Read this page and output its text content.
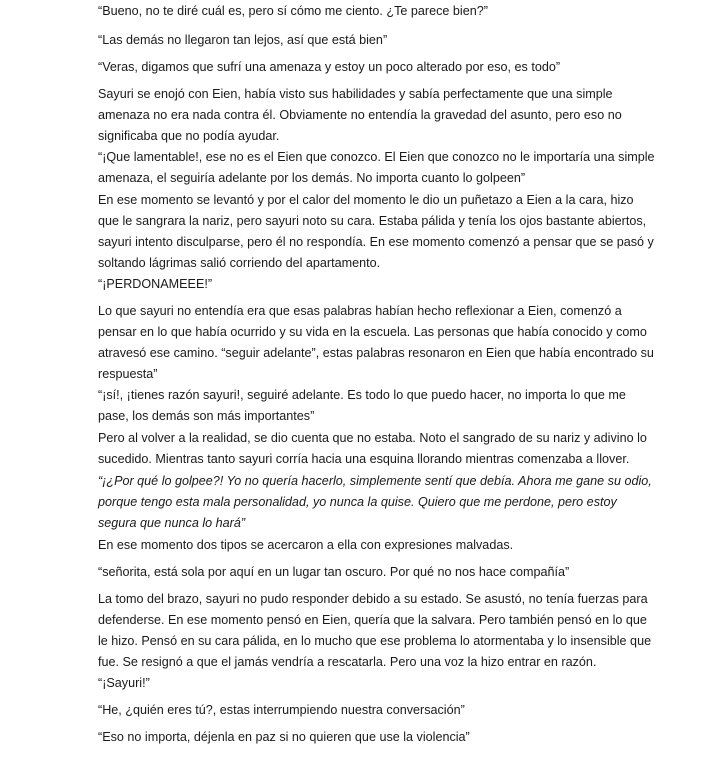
“Bueno, no te diré cuál es, pero sí cómo me ciento. ¿Te parece bien?”

“Las demás no llegaron tan lejos, así que está bien”

“Veras, digamos que sufrí una amenaza y estoy un poco alterado por eso, es todo”

Sayuri se enojó con Eien, había visto sus habilidades y sabía perfectamente que una simple
amenaza no era nada contra él. Obviamente no entendía la gravedad del asunto, pero eso no
significaba que no podía ayudar.

“¡Que lamentable!, ese no es el Eien que conozco. El Eien que conozco no le importaría una simple
amenaza, el seguiría adelante por los demás. No importa cuanto lo golpeen”

En ese momento se levantó y por el calor del momento le dio un puñetazo a Eien a la cara, hizo
que le sangrara la nariz, pero sayuri noto su cara. Estaba pálida y tenía los ojos bastante abiertos,
sayuri intento disculparse, pero él no respondía. En ese momento comenzó a pensar que se pasó y
soltando lágrimas salió corriendo del apartamento.

“¡PERDONAMEEE!”

Lo que sayuri no entendía era que esas palabras habían hecho reflexionar a Eien, comenzó a
pensar en lo que había ocurrido y su vida en la escuela. Las personas que había conocido y como
atravesó ese camino. “seguir adelante”, estas palabras resonaron en Eien que había encontrado su
respuesta”

“¡sí!, ¡tienes razón sayuri!, seguiré adelante. Es todo lo que puedo hacer, no importa lo que me
pase, los demás son más importantes”

Pero al volver a la realidad, se dio cuenta que no estaba. Noto el sangrado de su nariz y adivino lo
sucedido. Mientras tanto sayuri corría hacia una esquina llorando mientras comenzaba a llover.

“¡¿Por qué lo golpee?! Yo no quería hacerlo, simplemente sentí que debía. Ahora me gane su odio,
porque tengo esta mala personalidad, yo nunca la quise. Quiero que me perdone, pero estoy
segura que nunca lo hará”

En ese momento dos tipos se acercaron a ella con expresiones malvadas.

“señorita, está sola por aquí en un lugar tan oscuro. Por qué no nos hace compañía”

La tomo del brazo, sayuri no pudo responder debido a su estado. Se asustó, no tenía fuerzas para
defenderse. En ese momento pensó en Eien, quería que la salvara. Pero también pensó en lo que
le hizo. Pensó en su cara pálida, en lo mucho que ese problema lo atormentaba y lo insensible que
fue. Se resignó a que el jamás vendría a rescatarla. Pero una voz la hizo entrar en razón.

“¡Sayuri!”

“He, ¿quién eres tú?, estas interrumpiendo nuestra conversación”

“Eso no importa, déjenla en paz si no quieren que use la violencia”
